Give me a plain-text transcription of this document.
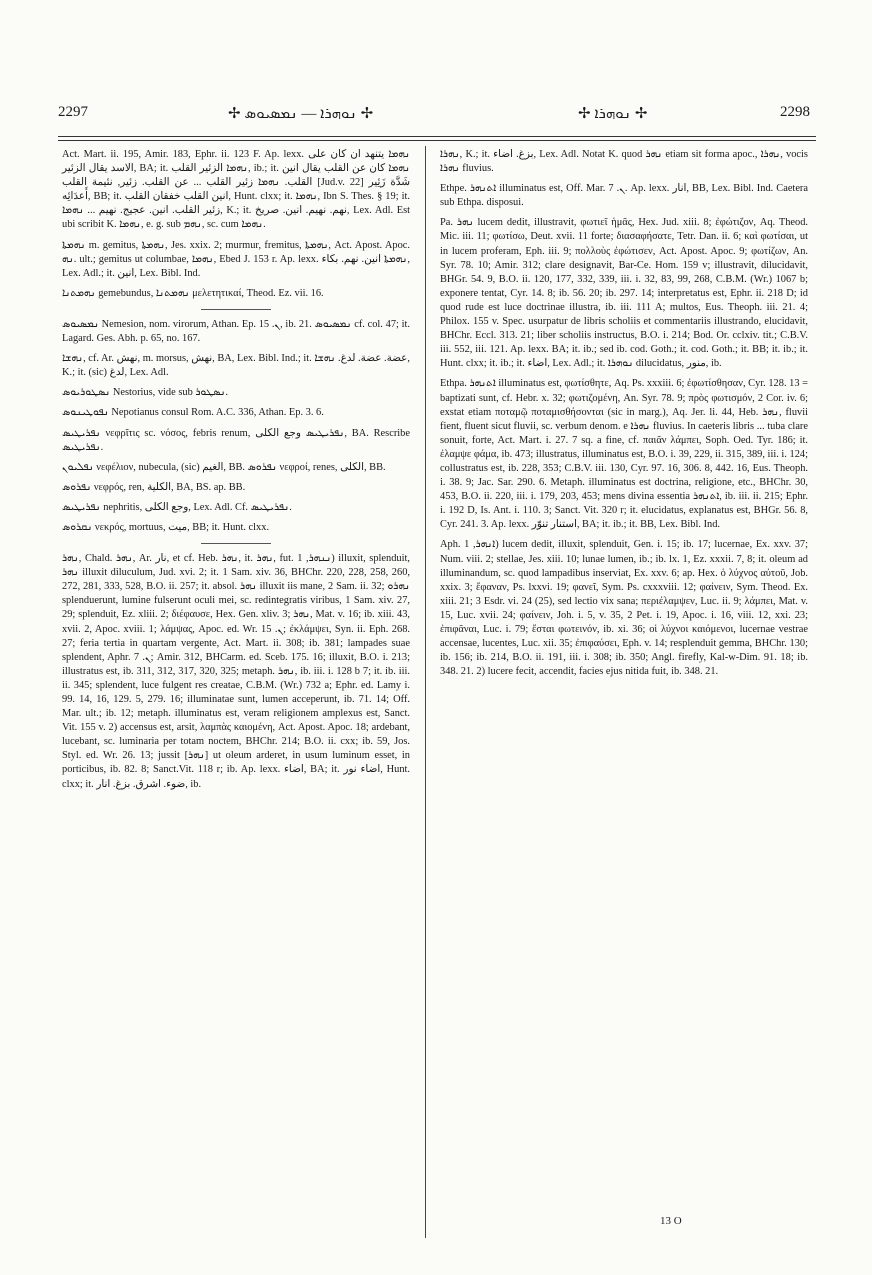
2297	✢ ܢܘܗܪܐ — ܢܡܣܝܘܣ ✢	✢ ܢܘܗܪܐ ✢	2298

Act. Mart. ii. 195, Amir. 183, Ephr. ii. 123 F. Ap. lexx. ܢܗܡܐ ﻳﺘﻨﻬﺪ ﺍﻥ ﻛﺎﻥ ﻋﻠﻰ ﺍﻻﺳﺪ ﻳﻘﺎﻝ ﺍﻟﺰﺋﻴﺮ, BA; it. ܢܗܡܐ ﺍﻟﺰﺋﻴﺮ ﺍﻟﻘﻠﺐ, ib.; it. ܢܗܡܐ ﻛﺎﻥ ﻋﻦ ﺍﻟﻘﻠﺐ ﻳﻘﺎﻝ ﺍﻧﻴﻦ ﺍﻟﻘﻠﺐ. ܢܗܡܐ ﺯﺋﻴﺮ ﺍﻟﻘﻠﺐ ... ﻋﻦ ﺍﻟﻘﻠﺐ. ﺯﺋﻴﺮ, ﻧﺌﻴﻤﺔ ﺍﻟﻘﻠﺐ [Jud.v. 22] ﺷَﺪَّﺓ ﺯَﺋِﻴﺮ ﺃَﻋﺪَﺍﺋِﻪ, BB; it. ﺍﻧﻴﻦ ﺍﻟﻘﻠﺐ ﺧﻔﻘﺎﻥ ﺍﻟﻘﻠﺐ, Hunt. clxx; it. ܢܗܡܐ, Ibn S. Thes. § 19; it. ﺯﺋﻴﺮ ﺍﻟﻘﻠﺐ. ﺍﻧﻴﻦ. ﻋﺠﻴﺞ. ﻧﻬﻴﻢ ... ܢܗܡܐ, K.; it. ﻧﻬﻢ. ﻧﻬﻴﻢ. ﺍﻧﻴﻦ. ﺻﺮﻳﺦ, Lex. Adl. Est ubi scribit K. ܢܗܡܐ, e. g. sub ܢܗܡ, sc. cum ܢܗܡܐ.

ܢܗܡܬܐ m. gemitus, ܢܗܡܬܐ, Jes. xxix. 2; murmur, fremitus, ܢܗܡܬܐ, Act. Apost. Apoc. ܢܗ. ult.; gemitus ut columbae, ܢܗܡܐ, Ebed J. 153 r. Ap. lexx. ܢܗܡܬܐ ﺍﻧﻴﻦ. ﻧﻬﻢ. ﺑﻜﺎﺀ, Lex. Adl.; it. ﺍﻧﻴﻦ, Lex. Bibl. Ind.

ܢܗܡܬܢܐ gemebundus, ܢܗܡܬܢܐ μελετητικαί, Theod. Ez. vii. 16.

ܢܡܣܝܘܣ Nemesion, nom. virorum, Athan. Ep. ܢ. 15, ib. 21. ܢܡܣܝܘܣ cf. col. 47; it. Lagard. Ges. Abh. p. 65, no. 167.

ܢܗܫܐ, cf. Ar. ﻧﻬﺶ, m. morsus, ﻧﻬﺶ, BA, Lex. Bibl. Ind.; it. ﻋﻀﺔ. ﻋﻀﺔ. ﻟﺪﻍ. ܢܗܫܐ, K.; it. (sic) ﻟﺪﻍ, Lex. Adl.

ܢܣܛܘܪܝܘܣ Nestorius, vide sub ܢܣܛܘܪ.

ܢܦܘܛܝܢܘܣ Nepotianus consul Rom. A.C. 336, Athan. Ep. 3. 6.

ܢܦܪܝܛܝܣ νεφρῖτις sc. νόσος, febris renum, ܢܦܪܝܛܝܣ ﻭﺟﻊ ﺍﻟﻜﻠﻰ, BA. Rescribe ܢܦܪܝܛܝܣ.

ܢܦܠܝܘܢ νεφέλιον, nubecula, (sic) ﺍﻟﻐﻴﻢ, BB. ܢܦܪܘܣ νεφροί, renes, ﺍﻟﻜﻠﻰ, BB.

ܢܦܪܘܣ νεφρός, ren, ﺍﻟﻜﻠﻴﺔ, BA, BS. ap. BB.

ܢܦܪܝܛܝܣ nephritis, ﻭﺟﻊ ﺍﻟﻜﻠﻰ, Lex. Adl. Cf. ܢܦܪܝܛܝܣ.

ܢܩܪܘܣ νεκρός, mortuus, ﻣﻴﺖ, BB; it. Hunt. clxx.

ܢܗܪ, Chald. ܢܗܪ, Ar. ﻧﺎﺭ, et cf. Heb. ܢܗܪ, it. ܢܗܪ, fut. ܢܢܗܪ, 1) illuxit, splenduit, ܢܗܪ illuxit diluculum, Jud. xvi. 2; it. 1 Sam. xiv. 36, BHChr. 220, 228, 258, 260, 272, 281, 333, 528, B.O. ii. 257; it. absol. ܢܗܪ illuxit iis mane, 2 Sam. ii. 32; ܢܗܪܘ splenduerunt, lumine fulserunt oculi mei, sc. redintegratis viribus, 1 Sam. xiv. 27, 29; splenduit, Ez. xliii. 2; διέφαυσε, Hex. Gen. xliv. 3; ܢܗܪ, Mat. v. 16; ib. xiii. 43, xvii. 2, Apoc. xviii. 1; λάμψας, Apoc. ed. Wr. ܢ. 15; ἐκλάμψει, Syn. ii. Eph. 268. 27; feria tertia in quartam vergente, Act. Mart. ii. 308; ib. 381; lampades suae splendent, Aphr. ܢ. 7; Amir. 312, BHCarm. ed. Sceb. 175. 16; illuxit, B.O. i. 213; illustratus est, ib. 311, 312, 317, 320, 325; metaph. ܢܗܪ, ib. iii. i. 128 b 7; it. ib. iii. ii. 345; splendent, luce fulgent res creatae, C.B.M. (Wr.) 732 a; Ephr. ed. Lamy i. 99. 14, 16, 129. 5, 279. 16; illuminatae sunt, lumen acceperunt, ib. 71. 14; Off. Mar. ult.; ib. 12; metaph. illuminatus est, veram religionem amplexus est, Sanct. Vit. 155 v. 2) accensus est, arsit, λαμπὰς καιομένη, Act. Apost. Apoc. 18; ardebant, lucebant, sc. luminaria per totam noctem, BHChr. 214; B.O. ii. cxx; ib. 59, Jos. Styl. ed. Wr. 26. 13; jussit [ܢܗܪ] ut oleum arderet, in usum luminum esset, in porticibus, ib. 82. 8; Sanct.Vit. 118 r; ib. Ap. lexx. ﺍﺿﺎﺀ, BA; it. ﺍﺿﺎﺀ ﻧﻮﺭ, Hunt. clxx; it. ﺿﻮﺀ. ﺍﺷﺮﻕ. ﺑﺰﻍ. ﺍﻧﺎﺭ, ib.

ܢܗܪܐ, K.; it. ﺑﺰﻍ. ﺍﺿﺎﺀ, Lex. Adl. Notat K. quod ܢܗܪ etiam sit forma apoc., ܢܗܪܐ, vocis ܢܗܪܐ fluvius.

Ethpe. ܐܬܢܗܪ illuminatus est, Off. Mar. ܢ. 7. Ap. lexx. ﺍﻧﺎﺭ, BB, Lex. Bibl. Ind. Caetera sub Ethpa. disposui.

Pa. ܢܗܪ lucem dedit, illustravit, φωτιεῖ ἡμᾶς, Hex. Jud. xiii. 8; ἐφώτιζον, Aq. Theod. Mic. iii. 11; φωτίσω, Deut. xvii. 11 forte; διασαφήσατε, Tetr. Dan. ii. 6; καὶ φωτίσαι, ut in lucem proferam, Eph. iii. 9; πολλοὺς ἐφώτισεν, Act. Apost. Apoc. 9; φωτίζων, An. Syr. 78. 10; Amir. 312; clare designavit, Bar-Ce. Hom. 159 v; illustravit, dilucidavit, BHGr. 54. 9, B.O. ii. 120, 177, 332, 339, iii. i. 32, 83, 99, 268, C.B.M. (Wr.) 1067 b; exponere tentat, Cyr. 14. 8; ib. 56. 20; ib. 297. 14; interpretatus est, Ephr. ii. 218 D; id quod rude est luce doctrinae illustra, ib. iii. 111 A; multos, Eus. Theoph. iii. 21. 4; Philox. 155 v. Spec. usurpatur de libris scholiis et commentariis illustrando, elucidavit, BHChr. Eccl. 313. 21; liber scholiis instructus, B.O. i. 214; Bod. Or. cclxiv. tit.; C.B.V. iii. 552, iii. 121. Ap. lexx. BA; it. ib.; sed ib. cod. Goth.; it. cod. Goth.; it. BB; it. ib.; it. Hunt. clxx; it. ib.; it. ﺍﺿﺎﺀ, Lex. Adl.; it. ܢܘܗܪܐ dilucidatus, ﻣﻨﻮﺭ, ib.

Ethpa. ܐܬܢܗܪ illuminatus est, φωτίσθητε, Aq. Ps. xxxiii. 6; ἐφωτίσθησαν, Cyr. 128. 13 = baptizati sunt, cf. Hebr. x. 32; φωτιζομένη, An. Syr. 78. 9; πρὸς φωτισμόν, 2 Cor. iv. 6; exstat etiam ποταμῷ ποταμισθήσονται (sic in marg.), Aq. Jer. li. 44, Heb. ܢܗܪ, fluvii fient, fluent sicut fluvii, sc. verbum denom. e ܢܗܪܐ fluvius. In caeteris libris ... tuba clare sonuit, forte, Act. Mart. i. 27. 7 sq. a fine, cf. παιᾶν λάμπει, Soph. Oed. Tyr. 186; it. ἐλαμψε φάμα, ib. 473; illustratus, illuminatus est, B.O. i. 39, 229, ii. 315, 389, iii. i. 124; collustratus est, ib. 228, 353; C.B.V. iii. 130, Cyr. 97. 16, 306. 8, 442. 16, Eus. Theoph. i. 38. 9; Jac. Sar. 290. 6. Metaph. illuminatus est doctrina, religione, etc., BHChr. 30, 453, B.O. ii. 220, iii. i. 179, 203, 453; mens divina essentia ܐܬܢܗܪ, ib. iii. ii. 215; Ephr. i. 192 D, Is. Ant. i. 110. 3; Sanct. Vit. 320 r; it. elucidatus, explanatus est, BHGr. 56. 8, Cyr. 241. 3. Ap. lexx. ﺍﺳﺘﻨﺎﺭ ﺗﻨﻮّﺭ, BA; it. ib.; it. BB, Lex. Bibl. Ind.

Aph. ܐܢܗܪ, 1) lucem dedit, illuxit, splenduit, Gen. i. 15; ib. 17; lucernae, Ex. xxv. 37; Num. viii. 2; stellae, Jes. xiii. 10; lunae lumen, ib.; ib. lx. 1, Ez. xxxii. 7, 8; it. oleum ad illuminandum, sc. quod lampadibus inserviat, Ex. xxv. 6; ap. Hex. ὁ λύχνος αὐτοῦ, Job. xxix. 3; ἔφαναν, Ps. lxxvi. 19; φανεῖ, Sym. Ps. cxxxviii. 12; φαίνειν, Sym. Theod. Ex. xiii. 21; 3 Esdr. vi. 24 (25), sed lectio vix sana; περιέλαμψεν, Luc. ii. 9; λάμπει, Mat. v. 15, Luc. xvii. 24; φαίνειν, Joh. i. 5, v. 35, 2 Pet. i. 19, Apoc. i. 16, viii. 12, xxi. 23; ἐπιφᾶναι, Luc. i. 79; ἔσται φωτεινόν, ib. xi. 36; οἱ λύχνοι καιόμενοι, lucernae vestrae accensae, lucentes, Luc. xii. 35; ἐπιφαύσει, Eph. v. 14; resplenduit gemma, BHChr. 130; ib. 156; ib. 214, B.O. ii. 191, iii. i. 308; ib. 350; Angl. firefly, Kal-w-Dim. 91. 18; ib. 348. 21. 2) lucere fecit, accendit, facies ejus nitida fuit, ib. 348. 21.

13 O
